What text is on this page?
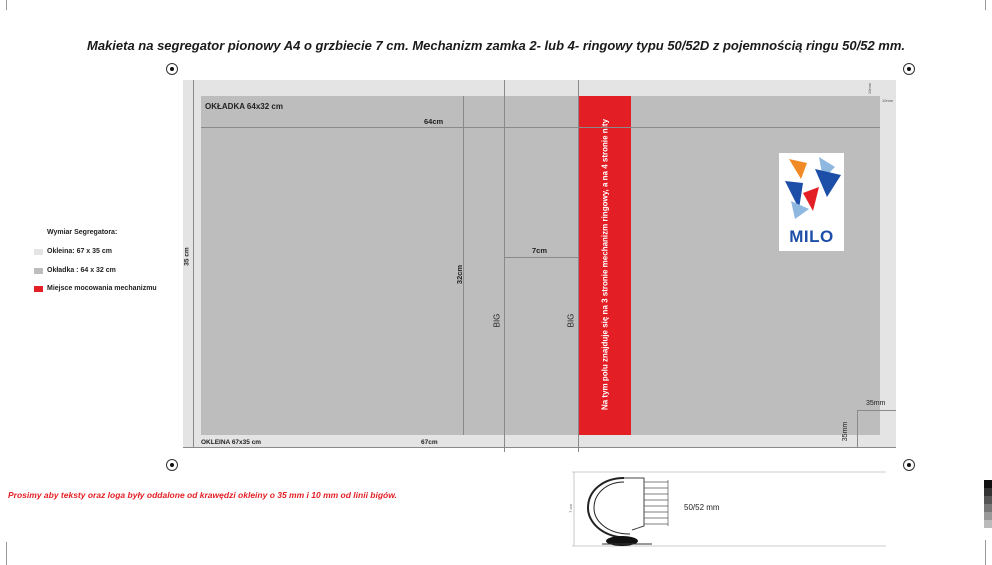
Makieta na segregator pionowy A4 o grzbiecie 7 cm. Mechanizm zamka 2- lub 4- ringowy typu 50/52D z pojemnością ringu 50/52 mm.
Na tym polu znajduje się na 3 stronie mechanizm ringowy, a na 4 stronie nity
64cm
OKŁADKA 64x32 cm
32cm
BIG	BIG
7cm
OKLEINA 67x35 cm	67cm
35 cm
35mm
35mm
10mm
10mm
MILO
Wymiar Segregatora:
Okleina: 67 x 35 cm
Okładka : 64 x 32 cm
Miejsce mocowania mechanizmu
Prosimy aby teksty oraz loga były oddalone od krawędzi okleiny o 35 mm i 10 mm od linii bigów.
50/52 mm
7 cm
